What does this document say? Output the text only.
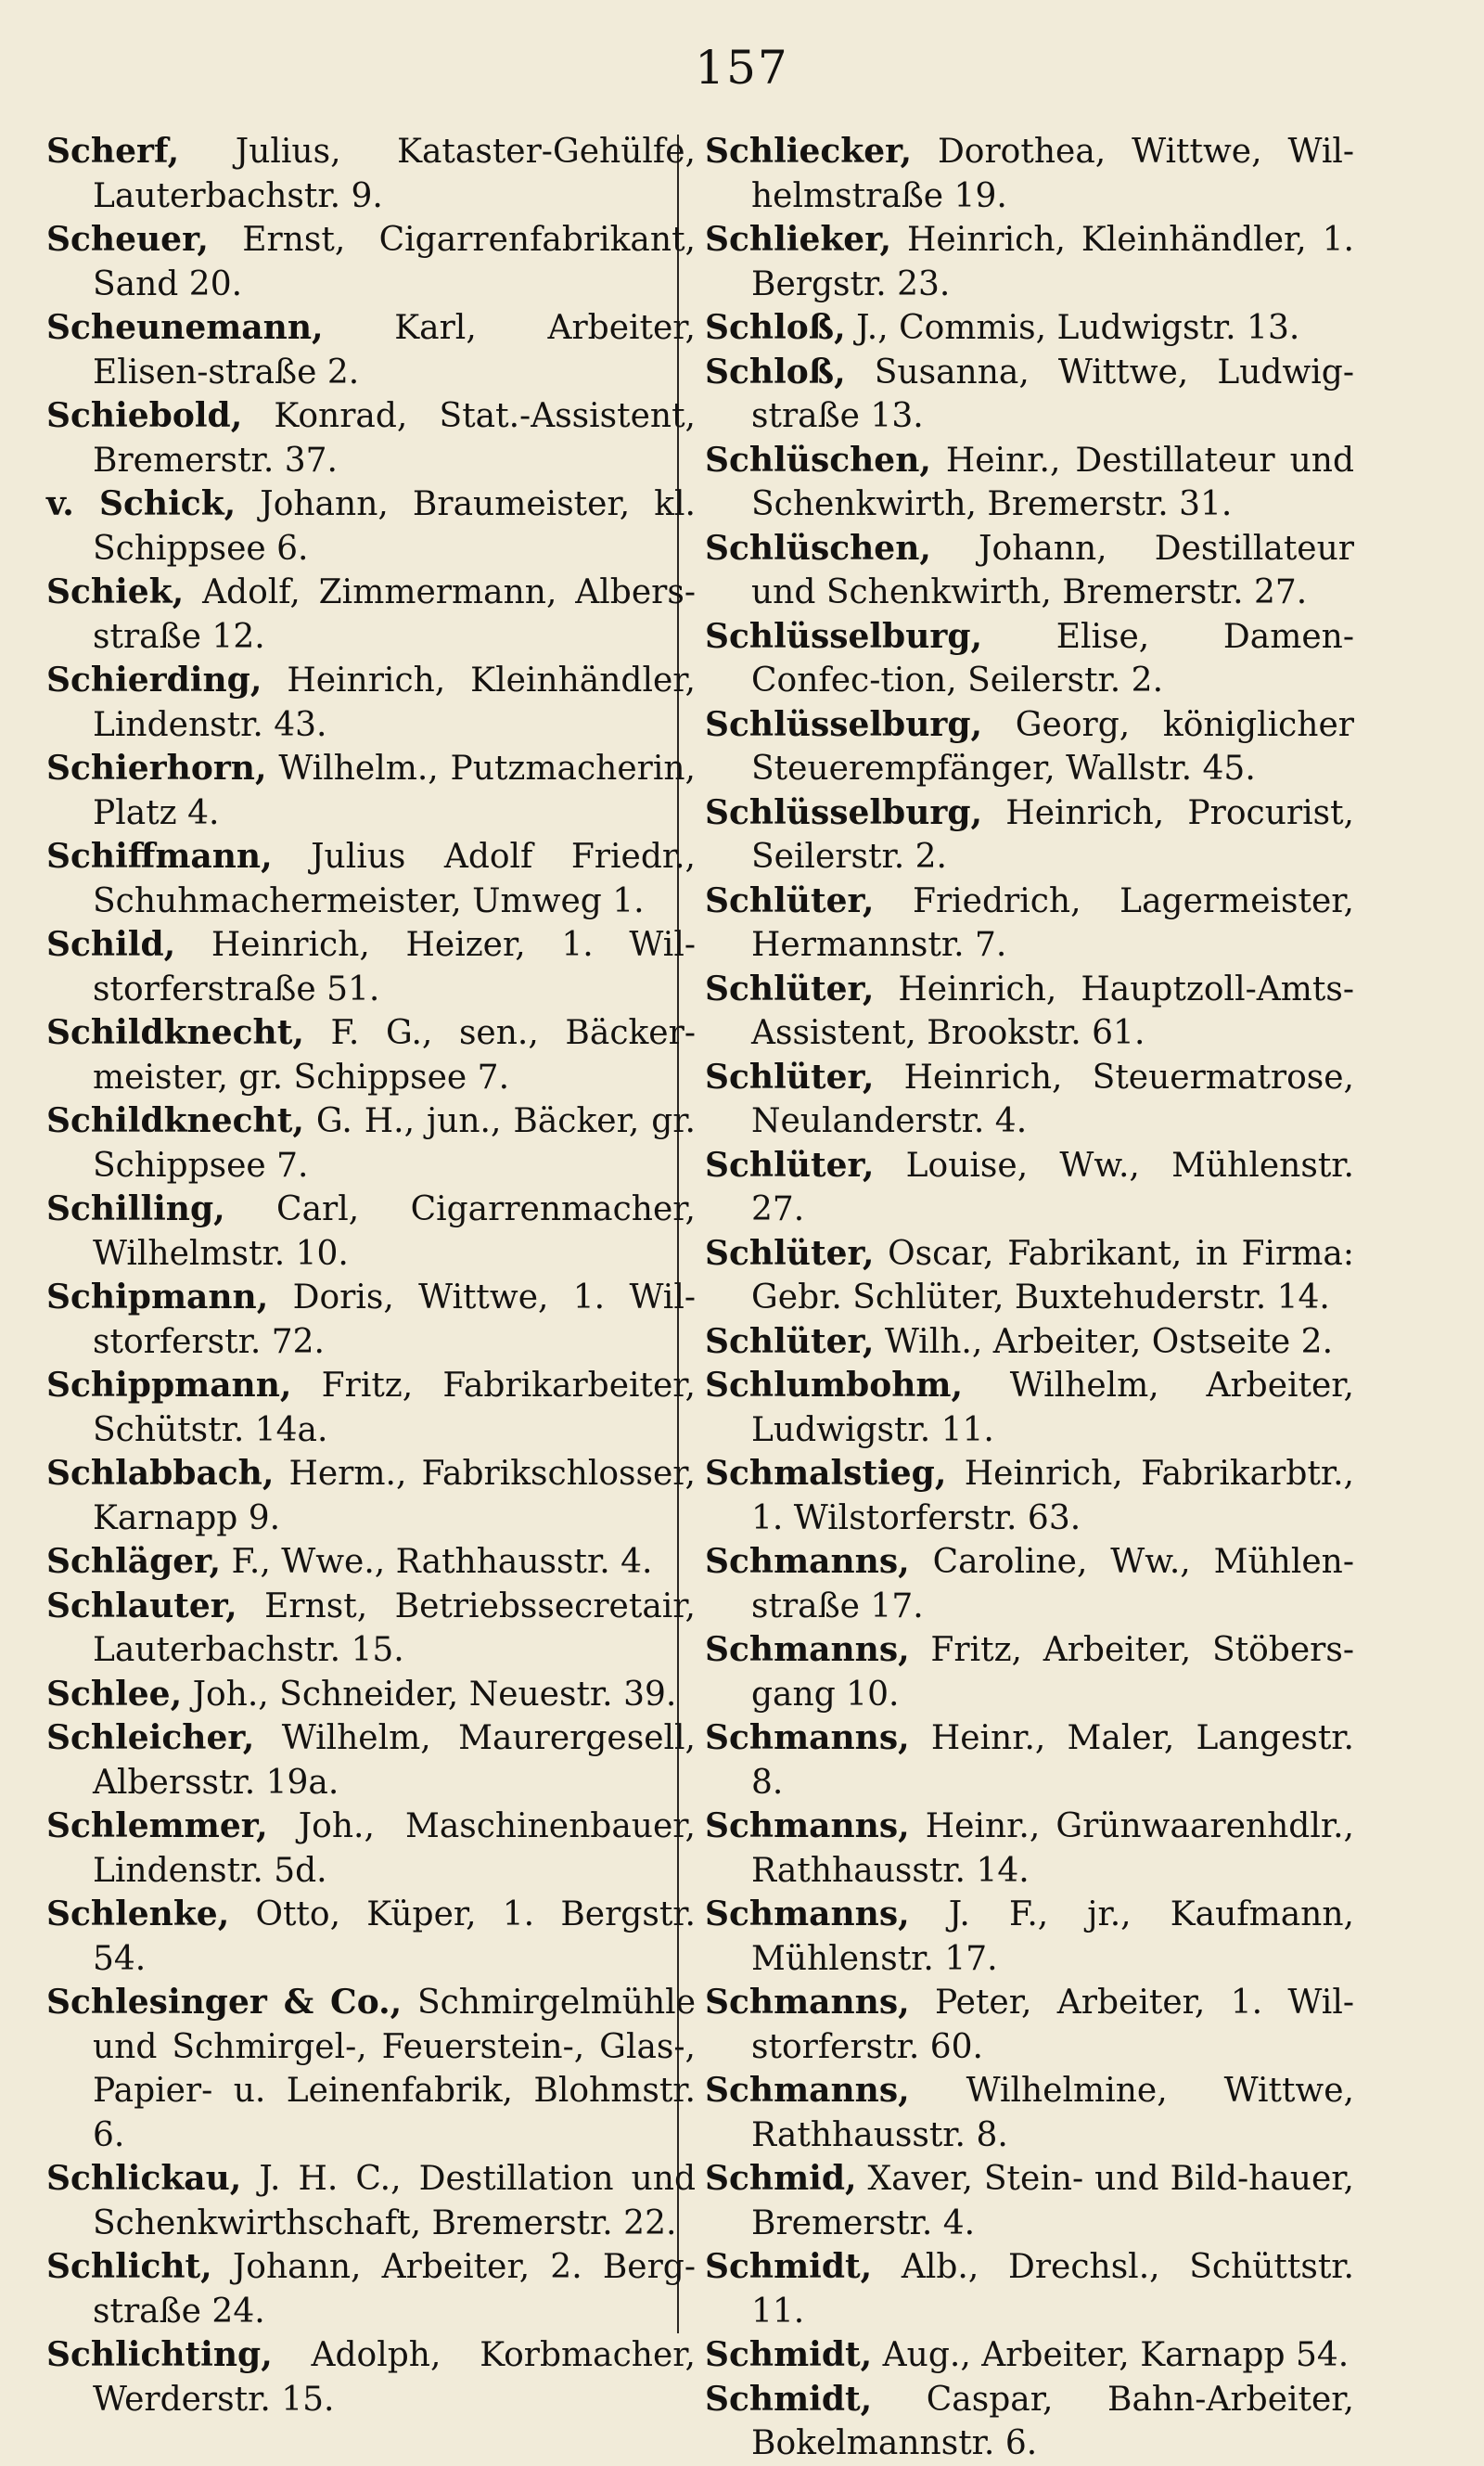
157

Scherf, Julius, Kataster-Gehülfe, Lauterbachstr. 9.

Scheuer, Ernst, Cigarrenfabrikant, Sand 20.

Scheunemann, Karl, Arbeiter, Elisen-straße 2.

Schiebold, Konrad, Stat.-Assistent, Bremerstr. 37.

v. Schick, Johann, Braumeister, kl. Schippsee 6.

Schiek, Adolf, Zimmermann, Albers-straße 12.

Schierding, Heinrich, Kleinhändler, Lindenstr. 43.

Schierhorn, Wilhelm., Putzmacherin, Platz 4.

Schiffmann, Julius Adolf Friedr., Schuhmachermeister, Umweg 1.

Schild, Heinrich, Heizer, 1. Wil-storferstraße 51.

Schildknecht, F. G., sen., Bäcker-meister, gr. Schippsee 7.

Schildknecht, G. H., jun., Bäcker, gr. Schippsee 7.

Schilling, Carl, Cigarrenmacher, Wilhelmstr. 10.

Schipmann, Doris, Wittwe, 1. Wil-storferstr. 72.

Schippmann, Fritz, Fabrikarbeiter, Schütstr. 14a.

Schlabbach, Herm., Fabrikschlosser, Karnapp 9.

Schläger, F., Wwe., Rathhausstr. 4.

Schlauter, Ernst, Betriebssecretair, Lauterbachstr. 15.

Schlee, Joh., Schneider, Neuestr. 39.

Schleicher, Wilhelm, Maurergesell, Albersstr. 19a.

Schlemmer, Joh., Maschinenbauer, Lindenstr. 5d.

Schlenke, Otto, Küper, 1. Bergstr. 54.

Schlesinger & Co., Schmirgelmühle und Schmirgel-, Feuerstein-, Glas-, Papier- u. Leinenfabrik, Blohmstr. 6.

Schlickau, J. H. C., Destillation und Schenkwirthschaft, Bremerstr. 22.

Schlicht, Johann, Arbeiter, 2. Berg-straße 24.

Schlichting, Adolph, Korbmacher, Werderstr. 15.

Schliecker, Dorothea, Wittwe, Wil-helmstraße 19.

Schlieker, Heinrich, Kleinhändler, 1. Bergstr. 23.

Schloß, J., Commis, Ludwigstr. 13.

Schloß, Susanna, Wittwe, Ludwig-straße 13.

Schlüschen, Heinr., Destillateur und Schenkwirth, Bremerstr. 31.

Schlüschen, Johann, Destillateur und Schenkwirth, Bremerstr. 27.

Schlüsselburg, Elise, Damen-Confec-tion, Seilerstr. 2.

Schlüsselburg, Georg, königlicher Steuerempfänger, Wallstr. 45.

Schlüsselburg, Heinrich, Procurist, Seilerstr. 2.

Schlüter, Friedrich, Lagermeister, Hermannstr. 7.

Schlüter, Heinrich, Hauptzoll-Amts-Assistent, Brookstr. 61.

Schlüter, Heinrich, Steuermatrose, Neulanderstr. 4.

Schlüter, Louise, Ww., Mühlenstr. 27.

Schlüter, Oscar, Fabrikant, in Firma: Gebr. Schlüter, Buxtehuderstr. 14.

Schlüter, Wilh., Arbeiter, Ostseite 2.

Schlumbohm, Wilhelm, Arbeiter, Ludwigstr. 11.

Schmalstieg, Heinrich, Fabrikarbtr., 1. Wilstorferstr. 63.

Schmanns, Caroline, Ww., Mühlen-straße 17.

Schmanns, Fritz, Arbeiter, Stöbers-gang 10.

Schmanns, Heinr., Maler, Langestr. 8.

Schmanns, Heinr., Grünwaarenhdlr., Rathhausstr. 14.

Schmanns, J. F., jr., Kaufmann, Mühlenstr. 17.

Schmanns, Peter, Arbeiter, 1. Wil-storferstr. 60.

Schmanns, Wilhelmine, Wittwe, Rathhausstr. 8.

Schmid, Xaver, Stein- und Bild-hauer, Bremerstr. 4.

Schmidt, Alb., Drechsl., Schüttstr. 11.

Schmidt, Aug., Arbeiter, Karnapp 54.

Schmidt, Caspar, Bahn-Arbeiter, Bokelmannstr. 6.
